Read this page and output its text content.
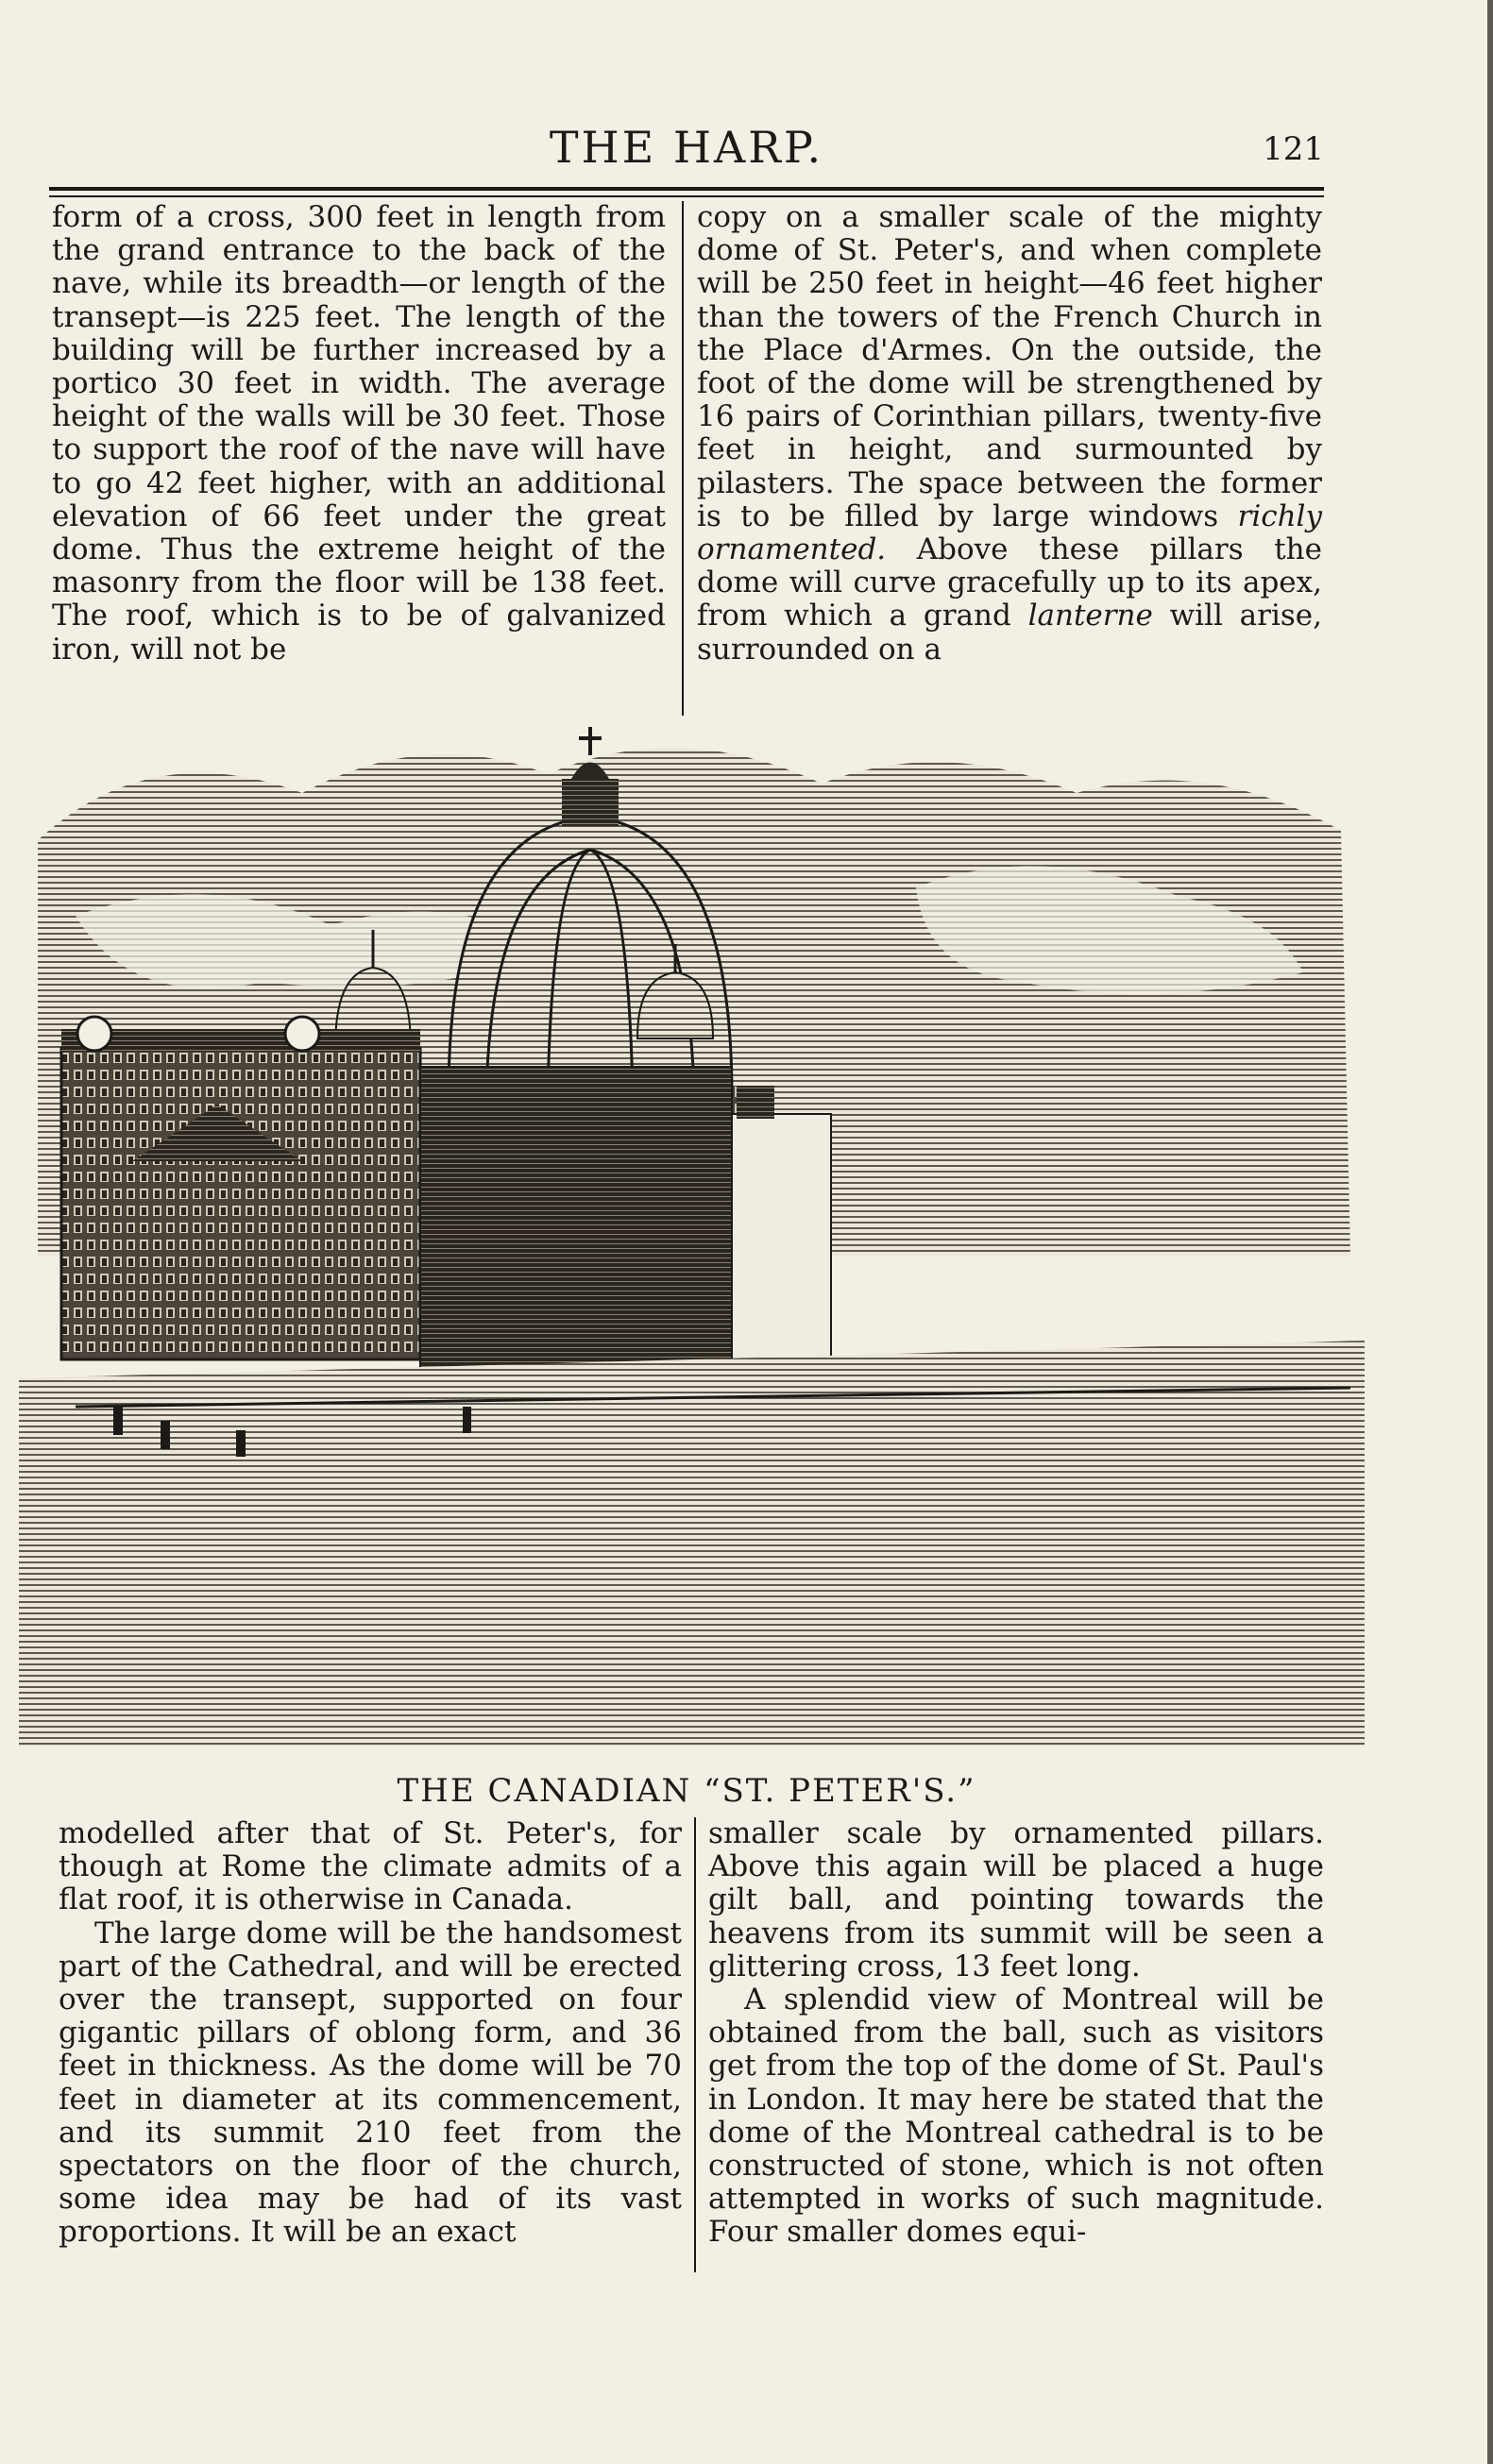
THE HARP.	121

form of a cross, 300 feet in length from the grand entrance to the back of the nave, while its breadth—or length of the transept—is 225 feet. The length of the building will be further increased by a portico 30 feet in width. The average height of the walls will be 30 feet. Those to support the roof of the nave will have to go 42 feet higher, with an additional elevation of 66 feet under the great dome. Thus the extreme height of the masonry from the floor will be 138 feet. The roof, which is to be of galvanized iron, will not be

copy on a smaller scale of the mighty dome of St. Peter's, and when complete will be 250 feet in height—46 feet higher than the towers of the French Church in the Place d'Armes. On the outside, the foot of the dome will be strengthened by 16 pairs of Corinthian pillars, twenty-five feet in height, and surmounted by pilasters. The space between the former is to be filled by large windows richly ornamented. Above these pillars the dome will curve gracefully up to its apex, from which a grand lanterne will arise, surrounded on a

THE CANADIAN “ST. PETER'S.”

modelled after that of St. Peter's, for though at Rome the climate admits of a flat roof, it is otherwise in Canada.

The large dome will be the handsomest part of the Cathedral, and will be erected over the transept, supported on four gigantic pillars of oblong form, and 36 feet in thickness. As the dome will be 70 feet in diameter at its commencement, and its summit 210 feet from the spectators on the floor of the church, some idea may be had of its vast proportions. It will be an exact

smaller scale by ornamented pillars. Above this again will be placed a huge gilt ball, and pointing towards the heavens from its summit will be seen a glittering cross, 13 feet long.

A splendid view of Montreal will be obtained from the ball, such as visitors get from the top of the dome of St. Paul's in London. It may here be stated that the dome of the Montreal cathedral is to be constructed of stone, which is not often attempted in works of such magnitude. Four smaller domes equi-
